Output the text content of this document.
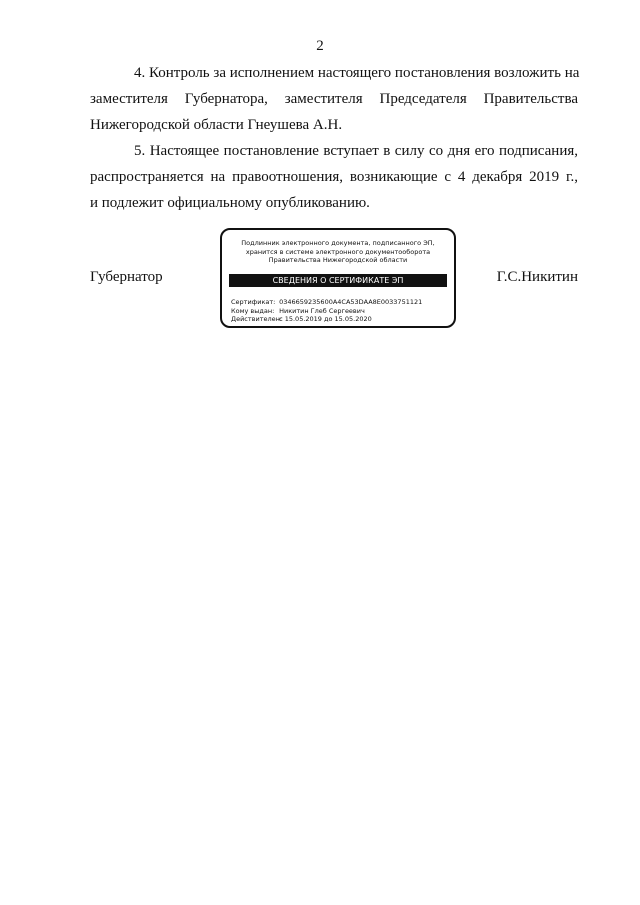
2
4. Контроль за исполнением настоящего постановления возложить на
заместителя Губернатора, заместителя Председателя Правительства
Нижегородской области Гнеушева А.Н.
5. Настоящее постановление вступает в силу со дня его подписания,
распространяется на правоотношения, возникающие с 4 декабря 2019 г.,
и подлежит официальному опубликованию.
Губернатор	Г.С.Никитин
Подлинник электронного документа, подписанного ЭП,
хранится в системе электронного документооборота
Правительства Нижегородской области
СВЕДЕНИЯ О СЕРТИФИКАТЕ ЭП
Сертификат: 0346659235600A4CA53DAA8E0033751121
Кому выдан: Никитин Глеб Сергеевич
Действителен: с 15.05.2019 до 15.05.2020
